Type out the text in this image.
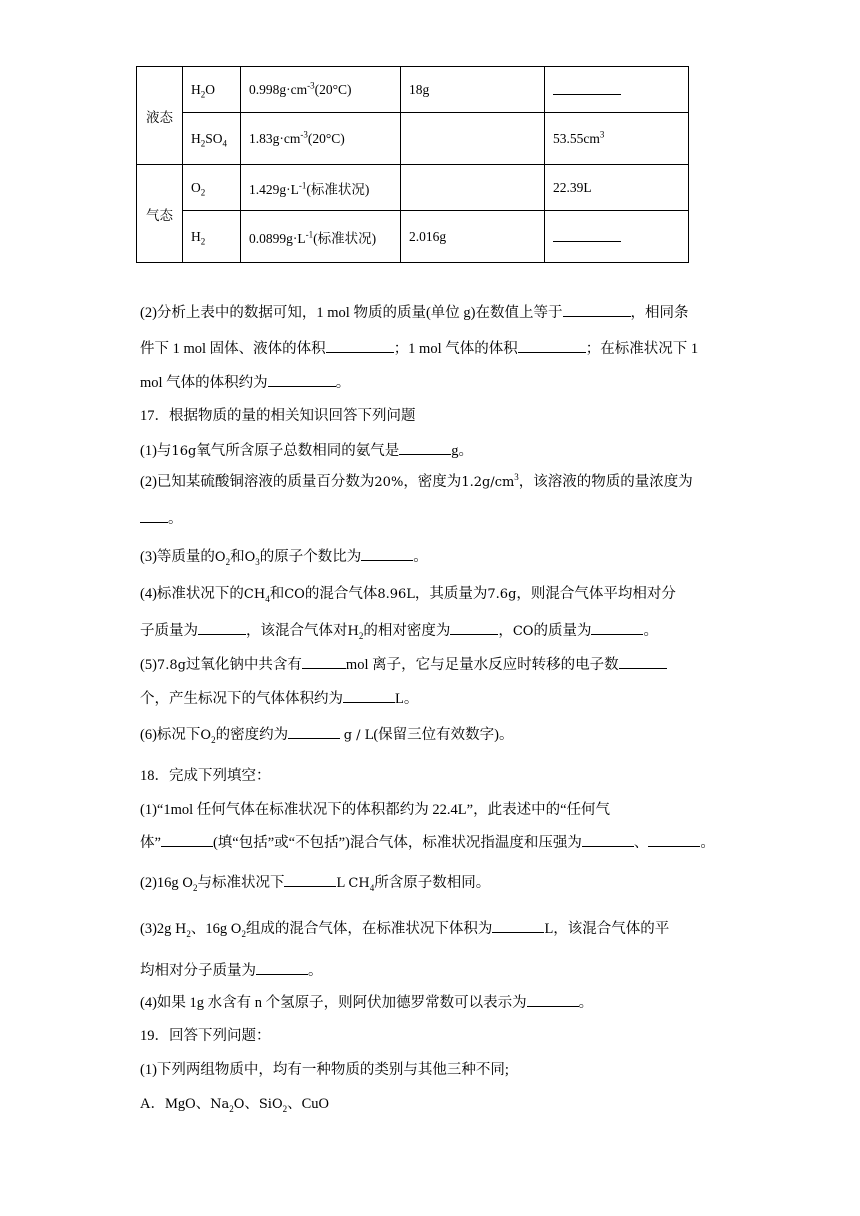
液态	$H_2O$	$0.998g\cdot cm^{-3}(20^\circ C)$	18g	
	$H_2SO_4$	$1.83g\cdot cm^{-3}(20^\circ C)$		$53.55cm^3$
气态	$O_2$	$1.429g\cdot L^{-1}$(标准状况)		22.39L
	$H_2$	$0.0899g\cdot L^{-1}$(标准状况)	2.016g	
(2)分析上表中的数据可知，1 mol 物质的质量(单位 g)在数值上等于	，相同条
件下 1 mol 固体、液体的体积	；1 mol 气体的体积	；在标准状况下 1
mol 气体的体积约为	。
17．根据物质的量的相关知识回答下列问题
(1)与16g氧气所含原子总数相同的氨气是	g。
(2)已知某硫酸铜溶液的质量百分数为20%，密度为$1.2g/cm^3$，该溶液的物质的量浓度为
。
(3)等质量的$O_2$和$O_3$的原子个数比为	。
(4)标准状况下的$CH_4$和CO的混合气体8.96L，其质量为7.6g，则混合气体平均相对分
子质量为	，该混合气体对$H_2$的相对密度为	，CO的质量为	。
(5)7.8g过氧化钠中共含有	mol 离子，它与足量水反应时转移的电子数
个，产生标况下的气体体积约为	L。
(6)标况下$O_2$的密度约为	g / L(保留三位有效数字)。
18．完成下列填空：
(1)“1mol 任何气体在标准状况下的体积都约为 22.4L”，此表述中的“任何气
体”	(填“包括”或“不包括”)混合气体，标准状况指温度和压强为	、	。
(2)16g $O_2$与标准状况下	L $CH_4$所含原子数相同。
(3)2g $H_2$、16g $O_2$组成的混合气体，在标准状况下体积为	L，该混合气体的平
均相对分子质量为	。
(4)如果 1g 水含有 n 个氢原子，则阿伏加德罗常数可以表示为	。
19．回答下列问题：
(1)下列两组物质中，均有一种物质的类别与其他三种不同;
A．MgO、$Na_2O$、SiO$_2$、CuO
